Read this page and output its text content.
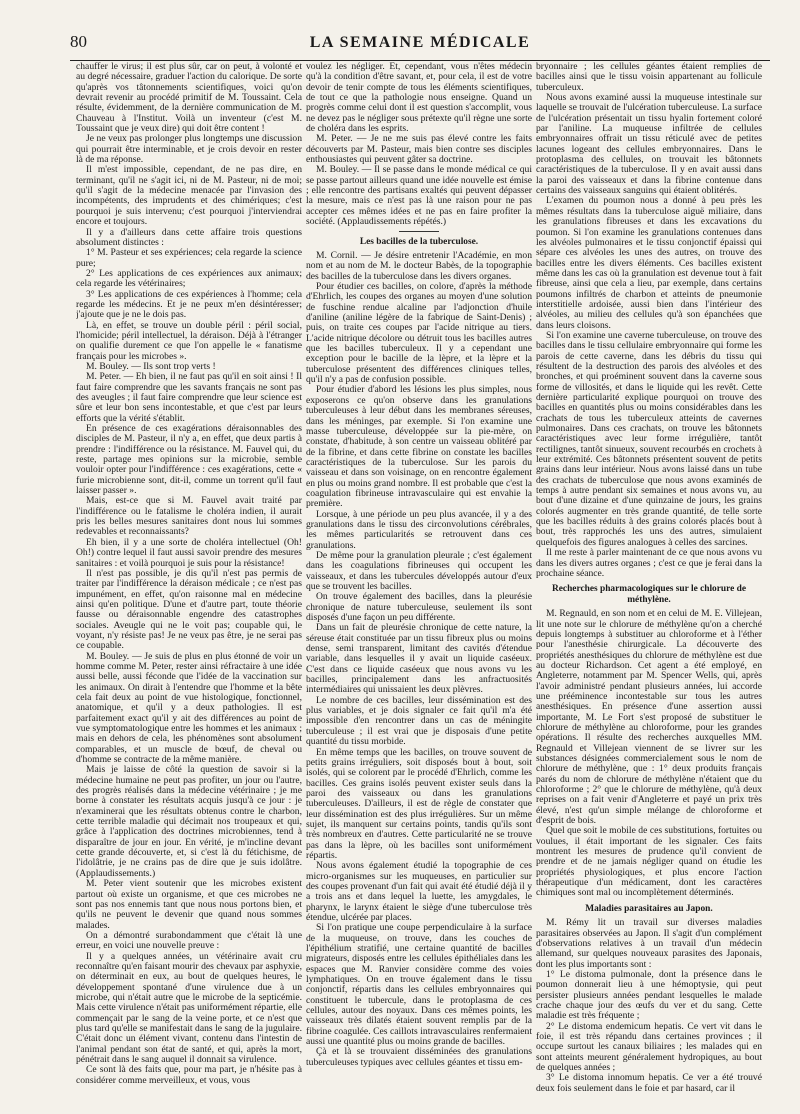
80	LA SEMAINE MÉDICALE

chauffer le virus; il est plus sûr, car on peut, à volonté et au degré nécessaire, graduer l'action du calorique. De sorte qu'après vos tâtonnements scientifiques, voici qu'on devrait revenir au procédé primitif de M. Toussaint. Cela résulte, évidemment, de la dernière communication de M. Chauveau à l'Institut. Voilà un inventeur (c'est M. Toussaint que je veux dire) qui doit être content !

Je ne veux pas prolonger plus longtemps une discussion qui pourrait être interminable, et je crois devoir en rester là de ma réponse.

Il m'est impossible, cependant, de ne pas dire, en terminant, qu'il ne s'agit ici, ni de M. Pasteur, ni de moi; qu'il s'agit de la médecine menacée par l'invasion des incompétents, des imprudents et des chimériques; c'est pourquoi je suis intervenu; c'est pourquoi j'interviendrai encore et toujours.

Il y a d'ailleurs dans cette affaire trois questions absolument distinctes :

1° M. Pasteur et ses expériences; cela regarde la science pure;

2° Les applications de ces expériences aux animaux; cela regarde les vétérinaires;

3° Les applications de ces expériences à l'homme; cela regarde les médecins. Et je ne peux m'en désintéresser; j'ajoute que je ne le dois pas.

Là, en effet, se trouve un double péril : péril social, l'homicide; péril intellectuel, la déraison. Déjà à l'étranger on qualifie durement ce que l'on appelle le « fanatisme français pour les microbes ».

M. Bouley. — Ils sont trop verts !

M. Peter. — Eh bien, il ne faut pas qu'il en soit ainsi ! Il faut faire comprendre que les savants français ne sont pas des aveugles ; il faut faire comprendre que leur science est sûre et leur bon sens incontestable, et que c'est par leurs efforts que la vérité s'établit.

En présence de ces exagérations déraisonnables des disciples de M. Pasteur, il n'y a, en effet, que deux partis à prendre : l'indifférence ou la résistance. M. Fauvel qui, du reste, partage mes opinions sur la microbie, semble vouloir opter pour l'indifférence : ces exagérations, cette « furie microbienne sont, dit-il, comme un torrent qu'il faut laisser passer ».

Mais, est-ce que si M. Fauvel avait traité par l'indifférence ou le fatalisme le choléra indien, il aurait pris les belles mesures sanitaires dont nous lui sommes redevables et reconnaissants?

Eh bien, il y a une sorte de choléra intellectuel (Oh! Oh!) contre lequel il faut aussi savoir prendre des mesures sanitaires : et voilà pourquoi je suis pour la résistance!

Il n'est pas possible, je dis qu'il n'est pas permis de traiter par l'indifférence la déraison médicale ; ce n'est pas impunément, en effet, qu'on raisonne mal en médecine ainsi qu'en politique. D'une et d'autre part, toute théorie fausse ou déraisonnable engendre des catastrophes sociales. Aveugle qui ne le voit pas; coupable qui, le voyant, n'y résiste pas! Je ne veux pas être, je ne serai pas ce coupable.

M. Bouley. — Je suis de plus en plus étonné de voir un homme comme M. Peter, rester ainsi réfractaire à une idée aussi belle, aussi féconde que l'idée de la vaccination sur les animaux. On dirait à l'entendre que l'homme et la bête cela fait deux au point de vue histologique, fonctionnel, anatomique, et qu'il y a deux pathologies. Il est parfaitement exact qu'il y ait des différences au point de vue symptomatologique entre les hommes et les animaux ; mais en dehors de cela, les phénomènes sont absolument comparables, et un muscle de bœuf, de cheval ou d'homme se contracte de la même manière.

Mais je laisse de côté la question de savoir si la médecine humaine ne peut pas profiter, un jour ou l'autre, des progrès réalisés dans la médecine vétérinaire ; je me borne à constater les résultats acquis jusqu'à ce jour : je n'examinerai que les résultats obtenus contre le charbon, cette terrible maladie qui décimait nos troupeaux et qui, grâce à l'application des doctrines microbiennes, tend à disparaître de jour en jour. En vérité, je m'incline devant cette grande découverte, et, si c'est là du fétichisme, de l'idolâtrie, je ne crains pas de dire que je suis idolâtre. (Applaudissements.)

M. Peter vient soutenir que les microbes existent partout où existe un organisme, et que ces microbes ne sont pas nos ennemis tant que nous nous portons bien, et qu'ils ne peuvent le devenir que quand nous sommes malades.

On a démontré surabondamment que c'était là une erreur, en voici une nouvelle preuve :

Il y a quelques années, un vétérinaire avait cru reconnaître qu'en faisant mourir des chevaux par asphyxie, on déterminait en eux, au bout de quelques heures, le développement spontané d'une virulence due à un microbe, qui n'était autre que le microbe de la septicémie. Mais cette virulence n'était pas uniformément répartie, elle commençait par le sang de la veine porte, et ce n'est que plus tard qu'elle se manifestait dans le sang de la jugulaire. C'était donc un élément vivant, contenu dans l'intestin de l'animal pendant son état de santé, et qui, après la mort, pénétrait dans le sang auquel il donnait sa virulence.

Ce sont là des faits que, pour ma part, je n'hésite pas à considérer comme merveilleux, et vous, vous

voulez les négliger. Et, cependant, vous n'êtes médecin qu'à la condition d'être savant, et, pour cela, il est de votre devoir de tenir compte de tous les éléments scientifiques, de tout ce que la pathologie nous enseigne. Quand un progrès comme celui dont il est question s'accomplit, vous ne devez pas le négliger sous prétexte qu'il règne une sorte de choléra dans les esprits.

M. Peter. — Je ne me suis pas élevé contre les faits découverts par M. Pasteur, mais bien contre ses disciples enthousiastes qui peuvent gâter sa doctrine.

M. Bouley. — Il se passe dans le monde médical ce qui se passe partout ailleurs quand une idée nouvelle est émise ; elle rencontre des partisans exaltés qui peuvent dépasser la mesure, mais ce n'est pas là une raison pour ne pas accepter ces mêmes idées et ne pas en faire profiter la société. (Applaudissements répétés.)

Les bacilles de la tuberculose.

M. Cornil. — Je désire entretenir l'Académie, en mon nom et au nom de M. le docteur Babès, de la topographie des bacilles de la tuberculose dans les divers organes.

Pour étudier ces bacilles, on colore, d'après la méthode d'Ehrlich, les coupes des organes au moyen d'une solution de fuschine rendue alcaline par l'adjonction d'huile d'aniline (aniline légère de la fabrique de Saint-Denis) ; puis, on traite ces coupes par l'acide nitrique au tiers. L'acide nitrique décolore ou détruit tous les bacilles autres que les bacilles tuberculeux. Il y a cependant une exception pour le bacille de la lèpre, et la lèpre et la tuberculose présentent des différences cliniques telles, qu'il n'y a pas de confusion possible.

Pour étudier d'abord les lésions les plus simples, nous exposerons ce qu'on observe dans les granulations tuberculeuses à leur début dans les membranes séreuses, dans les méninges, par exemple. Si l'on examine une masse tuberculeuse, développée sur la pie-mère, on constate, d'habitude, à son centre un vaisseau oblitéré par de la fibrine, et dans cette fibrine on constate les bacilles caractéristiques de la tuberculose. Sur les parois du vaisseau et dans son voisinage, on en rencontre également en plus ou moins grand nombre. Il est probable que c'est la coagulation fibrineuse intravasculaire qui est envahie la première.

Lorsque, à une période un peu plus avancée, il y a des granulations dans le tissu des circonvolutions cérébrales, les mêmes particularités se retrouvent dans ces granulations.

De même pour la granulation pleurale ; c'est également dans les coagulations fibrineuses qui occupent les vaisseaux, et dans les tubercules développés autour d'eux que se trouvent les bacilles.

On trouve également des bacilles, dans la pleurésie chronique de nature tuberculeuse, seulement ils sont disposés d'une façon un peu différente.

Dans un fait de pleurésie chronique de cette nature, la séreuse était constituée par un tissu fibreux plus ou moins dense, semi transparent, limitant des cavités d'étendue variable, dans lesquelles il y avait un liquide caséeux. C'est dans ce liquide caséeux que nous avons vu les bacilles, principalement dans les anfractuosités intermédiaires qui unissaient les deux plèvres.

Le nombre de ces bacilles, leur dissémination est des plus variables, et je dois signaler ce fait qu'il m'a été impossible d'en rencontrer dans un cas de méningite tuberculeuse ; il est vrai que je disposais d'une petite quantité du tissu morbide.

En même temps que les bacilles, on trouve souvent de petits grains irréguliers, soit disposés bout à bout, soit isolés, qui se colorent par le procédé d'Ehrlich, comme les bacilles. Ces grains isolés peuvent exister seuls dans la paroi des vaisseaux ou dans les granulations tuberculeuses. D'ailleurs, il est de règle de constater que leur dissémination est des plus irrégulières. Sur un même sujet, ils manquent sur certains points, tandis qu'ils sont très nombreux en d'autres. Cette particularité ne se trouve pas dans la lèpre, où les bacilles sont uniformément répartis.

Nous avons également étudié la topographie de ces micro-organismes sur les muqueuses, en particulier sur des coupes provenant d'un fait qui avait été étudié déjà il y a trois ans et dans lequel la luette, les amygdales, le pharynx, le larynx étaient le siège d'une tuberculose très étendue, ulcérée par places.

Si l'on pratique une coupe perpendiculaire à la surface de la muqueuse, on trouve, dans les couches de l'épithélium stratifié, une certaine quantité de bacilles migrateurs, disposés entre les cellules épithéliales dans les espaces que M. Ranvier considère comme des voies lymphatiques. On en trouve également dans le tissu conjonctif, répartis dans les cellules embryonnaires qui constituent le tubercule, dans le protoplasma de ces cellules, autour des noyaux. Dans ces mêmes points, les vaisseaux très dilatés étaient souvent remplis par de la fibrine coagulée. Ces caillots intravasculaires renfermaient aussi une quantité plus ou moins grande de bacilles.

Çà et là se trouvaient disséminées des granulations tuberculeuses typiques avec cellules géantes et tissu em-

bryonnaire ; les cellules géantes étaient remplies de bacilles ainsi que le tissu voisin appartenant au follicule tuberculeux.

Nous avons examiné aussi la muqueuse intestinale sur laquelle se trouvait de l'ulcération tuberculeuse. La surface de l'ulcération présentait un tissu hyalin fortement coloré par l'aniline. La muqueuse infiltrée de cellules embryonnaires offrait un tissu réticulé avec de petites lacunes logeant des cellules embryonnaires. Dans le protoplasma des cellules, on trouvait les bâtonnets caractéristiques de la tuberculose. Il y en avait aussi dans la paroi des vaisseaux et dans la fibrine contenue dans certains des vaisseaux sanguins qui étaient oblitérés.

L'examen du poumon nous a donné à peu près les mêmes résultats dans la tuberculose aiguë miliaire, dans les granulations fibreuses et dans les excavations du poumon. Si l'on examine les granulations contenues dans les alvéoles pulmonaires et le tissu conjonctif épaissi qui sépare ces alvéoles les unes des autres, on trouve des bacilles entre les divers éléments. Ces bacilles existent même dans les cas où la granulation est devenue tout à fait fibreuse, ainsi que cela a lieu, par exemple, dans certains poumons infiltrés de charbon et atteints de pneumonie interstitielle ardoisée, aussi bien dans l'intérieur des alvéoles, au milieu des cellules qu'à son épanchées que dans leurs cloisons.

Si l'on examine une caverne tuberculeuse, on trouve des bacilles dans le tissu cellulaire embryonnaire qui forme les parois de cette caverne, dans les débris du tissu qui résultent de la destruction des parois des alvéoles et des bronches, et qui proéminent souvent dans la caverne sous forme de villosités, et dans le liquide qui les revêt. Cette dernière particularité explique pourquoi on trouve des bacilles en quantités plus ou moins considérables dans les crachats de tous les tuberculeux atteints de cavernes pulmonaires. Dans ces crachats, on trouve les bâtonnets caractéristiques avec leur forme irrégulière, tantôt rectilignes, tantôt sinueux, souvent recourbés en crochets à leur extrémité. Ces bâtonnets présentent souvent de petits grains dans leur intérieur. Nous avons laissé dans un tube des crachats de tuberculose que nous avons examinés de temps à autre pendant six semaines et nous avons vu, au bout d'une dizaine et d'une quinzaine de jours, les grains colorés augmenter en très grande quantité, de telle sorte que les bacilles réduits à des grains colorés placés bout à bout, très rapprochés les uns des autres, simulaient quelquefois des figures analogues à celles des sarcines.

Il me reste à parler maintenant de ce que nous avons vu dans les divers autres organes ; c'est ce que je ferai dans la prochaine séance.

Recherches pharmacologiques sur le chlorure de méthylène.

M. Regnauld, en son nom et en celui de M. E. Villejean, lit une note sur le chlorure de méthylène qu'on a cherché depuis longtemps à substituer au chloroforme et à l'éther pour l'anesthésie chirurgicale. La découverte des propriétés anesthésiques du chlorure de méthylène est due au docteur Richardson. Cet agent a été employé, en Angleterre, notamment par M. Spencer Wells, qui, après l'avoir administré pendant plusieurs années, lui accorde une prééminence incontestable sur tous les autres anesthésiques. En présence d'une assertion aussi importante, M. Le Fort s'est proposé de substituer le chlorure de méthylène au chloroforme, pour les grandes opérations. Il résulte des recherches auxquelles MM. Regnauld et Villejean viennent de se livrer sur les substances désignées commercialement sous le nom de chlorure de méthylène, que : 1° deux produits français parés du nom de chlorure de méthylène n'étaient que du chloroforme ; 2° que le chlorure de méthylène, qu'à deux reprises on a fait venir d'Angleterre et payé un prix très élevé, n'est qu'un simple mélange de chloroforme et d'esprit de bois.

Quel que soit le mobile de ces substitutions, fortuites ou voulues, il était important de les signaler. Ces faits montrent les mesures de prudence qu'il convient de prendre et de ne jamais négliger quand on étudie les propriétés physiologiques, et plus encore l'action thérapeutique d'un médicament, dont les caractères chimiques sont mal ou incomplètement déterminés.

Maladies parasitaires au Japon.

M. Rémy lit un travail sur diverses maladies parasitaires observées au Japon. Il s'agit d'un complément d'observations relatives à un travail d'un médecin allemand, sur quelques nouveaux parasites des Japonais, dont les plus importants sont :

1° Le distoma pulmonale, dont la présence dans le poumon donnerait lieu à une hémoptysie, qui peut persister plusieurs années pendant lesquelles le malade crache chaque jour des œufs du ver et du sang. Cette maladie est très fréquente ;

2° Le distoma endemicum hepatis. Ce vert vit dans le foie, il est très répandu dans certaines provinces ; il occupe surtout les canaux biliaires ; les malades qui en sont atteints meurent généralement hydropiques, au bout de quelques années ;

3° Le distoma innomum hepatis. Ce ver a été trouvé deux fois seulement dans le foie et par hasard, car il
